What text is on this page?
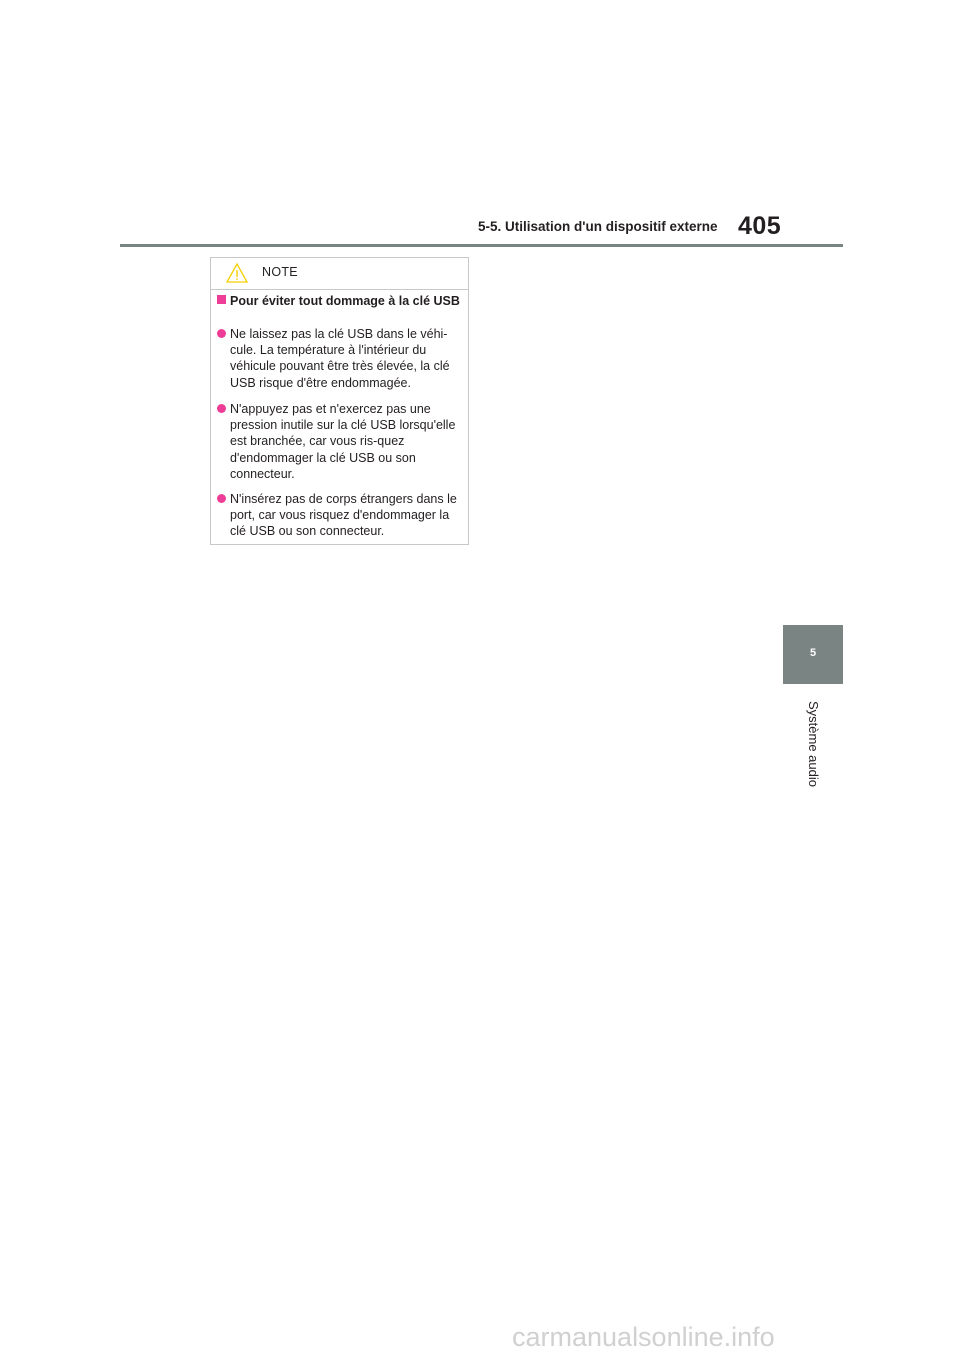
5-5. Utilisation d'un dispositif externe 405
NOTE
Pour éviter tout dommage à la clé USB
Ne laissez pas la clé USB dans le véhi-cule. La température à l'intérieur du véhicule pouvant être très élevée, la clé USB risque d'être endommagée.
N'appuyez pas et n'exercez pas une pression inutile sur la clé USB lorsqu'elle est branchée, car vous ris-quez d'endommager la clé USB ou son connecteur.
N'insérez pas de corps étrangers dans le port, car vous risquez d'endommager la clé USB ou son connecteur.
5
Système audio
carmanualsonline.info
